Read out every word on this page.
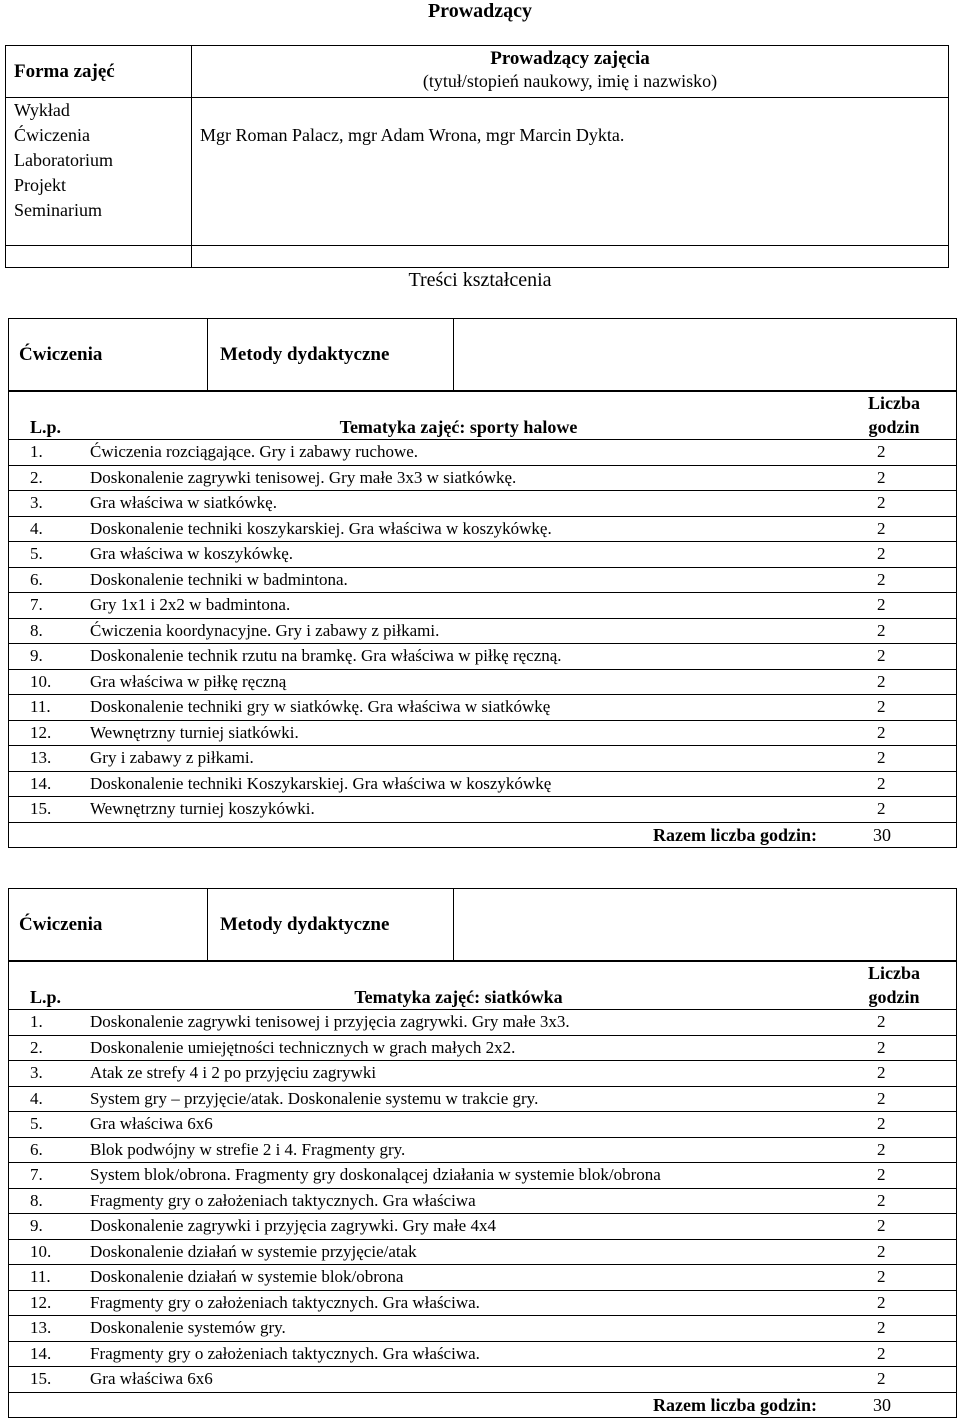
Prowadzący
Forma zajęć	Prowadzący zajęcia
(tytuł/stopień naukowy, imię i nazwisko)

Wykład
Ćwiczenia
Laboratorium
Projekt
Seminarium	Mgr Roman Palacz, mgr Adam Wrona, mgr Marcin Dykta.

Treści kształcenia
Ćwiczenia	Metody dydaktyczne	
L.p.	Tematyka zajęć: sporty halowe	Liczba
godzin

1.	Ćwiczenia rozciągające. Gry i zabawy ruchowe.	2
2.	Doskonalenie zagrywki tenisowej. Gry małe 3x3 w siatkówkę.	2
3.	Gra właściwa w siatkówkę.	2
4.	Doskonalenie techniki koszykarskiej. Gra właściwa w koszykówkę.	2
5.	Gra właściwa w koszykówkę.	2
6.	Doskonalenie techniki w badmintona.	2
7.	Gry 1x1 i 2x2 w badmintona.	2
8.	Ćwiczenia koordynacyjne. Gry i zabawy z piłkami.	2
9.	Doskonalenie technik rzutu na bramkę. Gra właściwa w piłkę ręczną.	2
10.	Gra właściwa w piłkę ręczną	2
11.	Doskonalenie techniki gry w siatkówkę. Gra właściwa w siatkówkę	2
12.	Wewnętrzny turniej siatkówki.	2
13.	Gry i zabawy z piłkami.	2
14.	Doskonalenie techniki Koszykarskiej. Gra właściwa w koszykówkę	2
15.	Wewnętrzny turniej koszykówki.	2
	Razem liczba godzin:	30
Ćwiczenia	Metody dydaktyczne	
L.p.	Tematyka zajęć: siatkówka	Liczba
godzin

1.	Doskonalenie zagrywki tenisowej i przyjęcia zagrywki. Gry małe 3x3.	2
2.	Doskonalenie umiejętności technicznych w grach małych 2x2.	2
3.	Atak ze strefy 4 i 2 po przyjęciu zagrywki	2
4.	System gry – przyjęcie/atak. Doskonalenie systemu w trakcie gry.	2
5.	Gra właściwa 6x6	2
6.	Blok podwójny w strefie 2 i 4. Fragmenty gry.	2
7.	System blok/obrona. Fragmenty gry doskonalącej działania w systemie blok/obrona	2
8.	Fragmenty gry o założeniach taktycznych. Gra właściwa	2
9.	Doskonalenie zagrywki i przyjęcia zagrywki. Gry małe 4x4	2
10.	Doskonalenie działań w systemie przyjęcie/atak	2
11.	Doskonalenie działań w systemie blok/obrona	2
12.	Fragmenty gry o założeniach taktycznych. Gra właściwa.	2
13.	Doskonalenie systemów gry.	2
14.	Fragmenty gry o założeniach taktycznych. Gra właściwa.	2
15.	Gra właściwa 6x6	2
	Razem liczba godzin:	30
